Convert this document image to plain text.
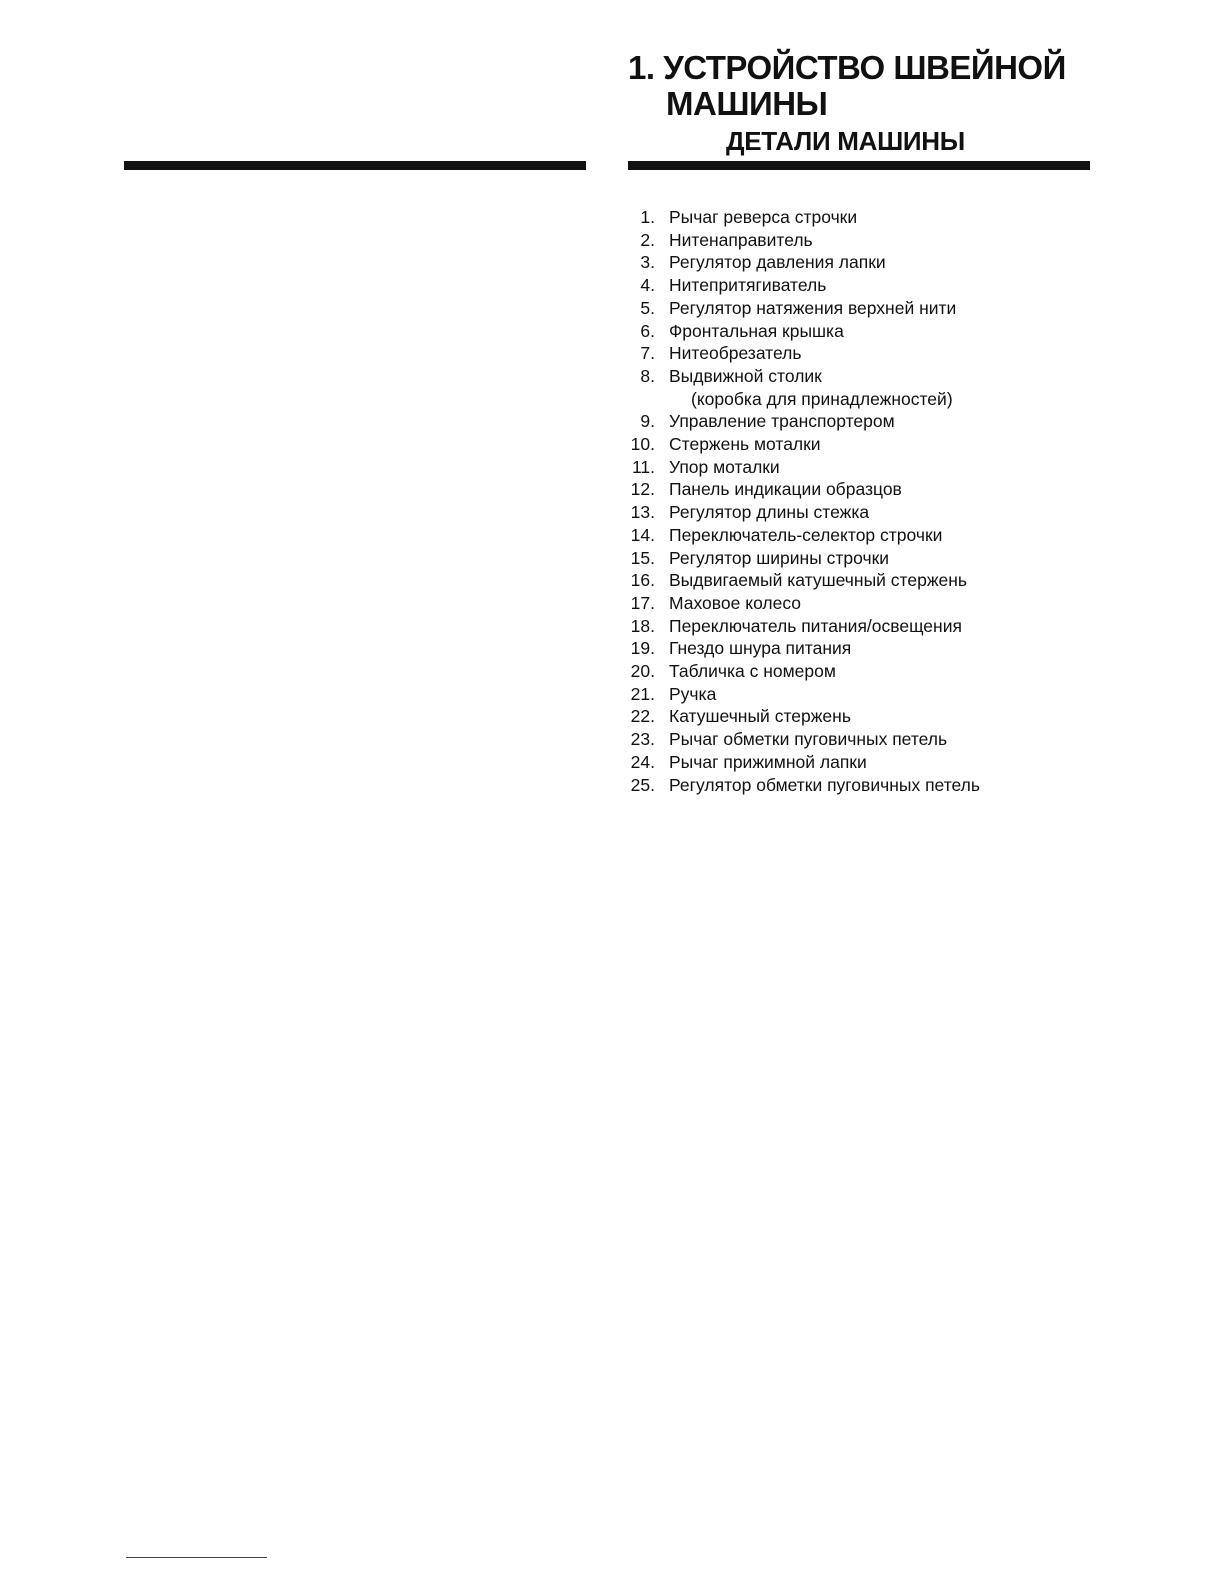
1. УСТРОЙСТВО ШВЕЙНОЙ
МАШИНЫ
ДЕТАЛИ МАШИНЫ
1. Рычаг реверса строчки
2. Нитенаправитель
3. Регулятор давления лапки
4. Нитепритягиватель
5. Регулятор натяжения верхней нити
6. Фронтальная крышка
7. Нитеобрезатель
8. Выдвижной столик
(коробка для принадлежностей)
9. Управление транспортером
10. Стержень моталки
11. Упор моталки
12. Панель индикации образцов
13. Регулятор длины стежка
14. Переключатель-селектор строчки
15. Регулятор ширины строчки
16. Выдвигаемый катушечный стержень
17. Маховое колесо
18. Переключатель питания/освещения
19. Гнездо шнура питания
20. Табличка с номером
21. Ручка
22. Катушечный стержень
23. Рычаг обметки пуговичных петель
24. Рычаг прижимной лапки
25. Регулятор обметки пуговичных петель
